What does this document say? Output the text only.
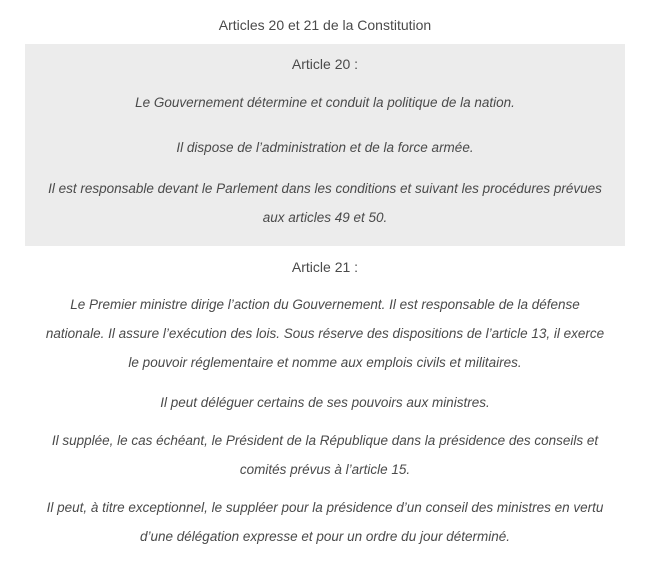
Articles 20 et 21 de la Constitution
Article 20 :

Le Gouvernement détermine et conduit la politique de la nation.

Il dispose de l’administration et de la force armée.

Il est responsable devant le Parlement dans les conditions et suivant les procédures prévues aux articles 49 et 50.

Article 21 :

Le Premier ministre dirige l’action du Gouvernement. Il est responsable de la défense nationale. Il assure l’exécution des lois. Sous réserve des dispositions de l’article 13, il exerce le pouvoir réglementaire et nomme aux emplois civils et militaires.

Il peut déléguer certains de ses pouvoirs aux ministres.

Il supplée, le cas échéant, le Président de la République dans la présidence des conseils et comités prévus à l’article 15.

Il peut, à titre exceptionnel, le suppléer pour la présidence d’un conseil des ministres en vertu d’une délégation expresse et pour un ordre du jour déterminé.
